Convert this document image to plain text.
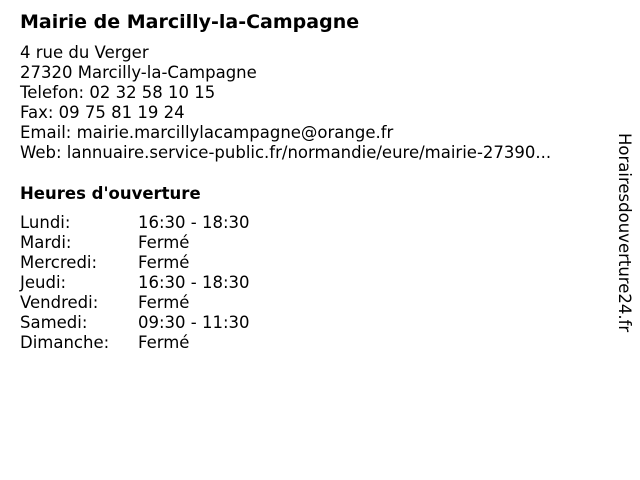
Mairie de Marcilly-la-Campagne
4 rue du Verger
27320 Marcilly-la-Campagne
Telefon: 02 32 58 10 15
Fax: 09 75 81 19 24
Email: mairie.marcillylacampagne@orange.fr
Web: lannuaire.service-public.fr/normandie/eure/mairie-27390...
Heures d'ouverture
Lundi:	16:30 - 18:30
Mardi:	Fermé
Mercredi: Fermé
Jeudi:	16:30 - 18:30
Vendredi: Fermé
Samedi:	09:30 - 11:30
Dimanche: Fermé
Horairesdouverture24.fr
